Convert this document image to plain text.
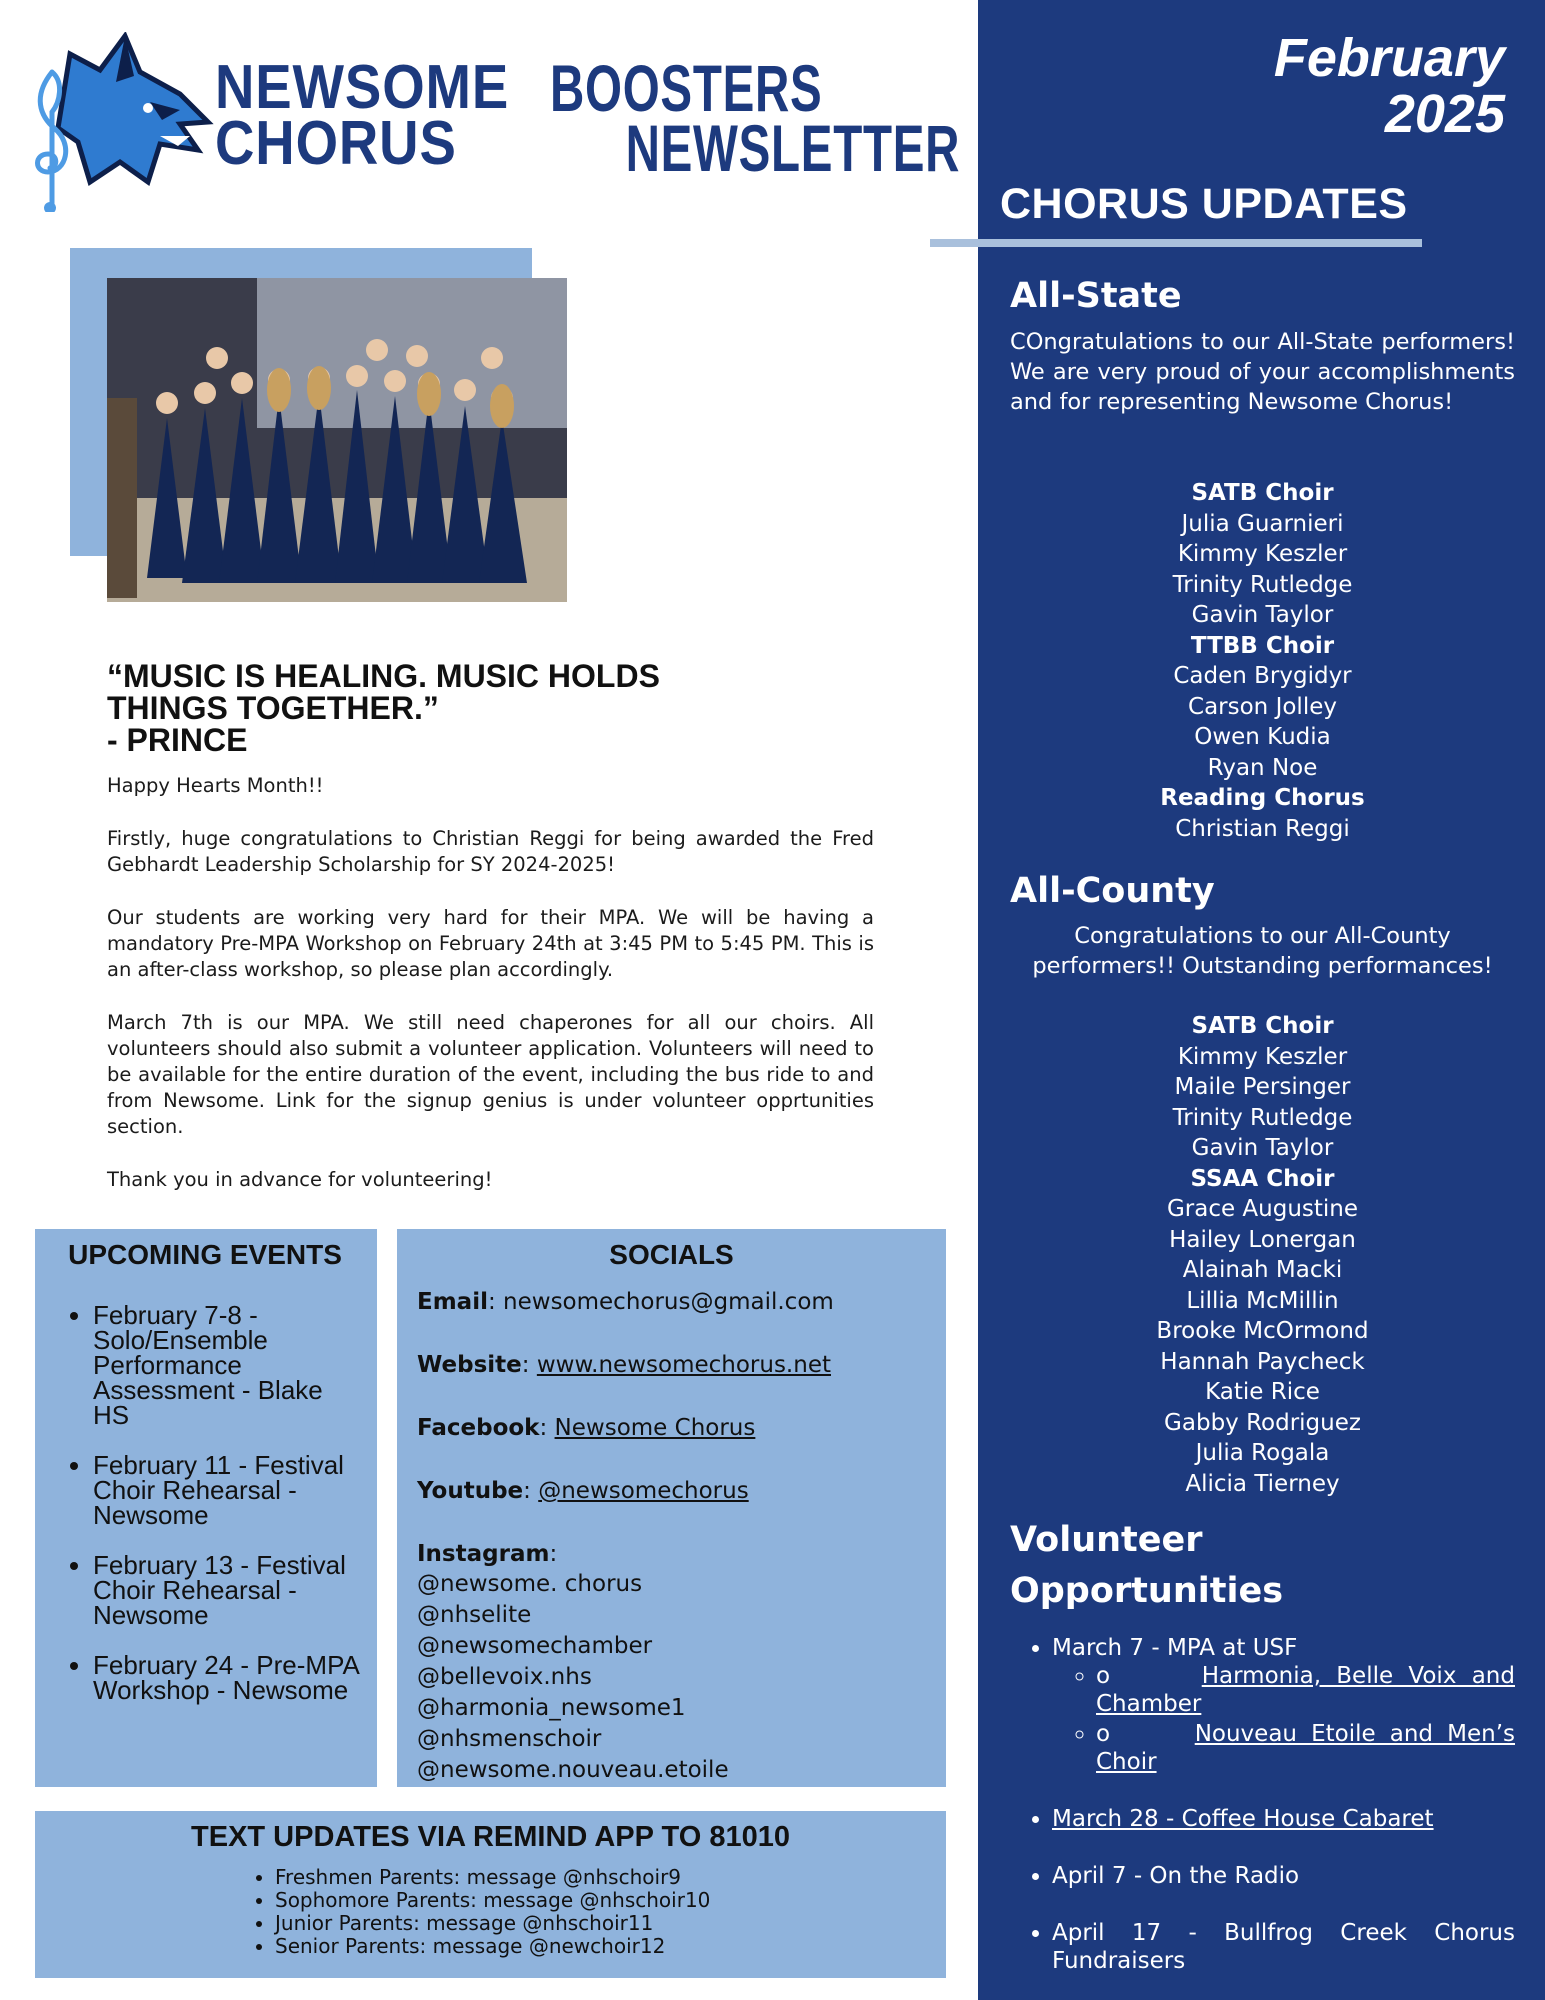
NEWSOME
CHORUS
BOOSTERS
NEWSLETTER
“MUSIC IS HEALING. MUSIC HOLDS
THINGS TOGETHER.”
- PRINCE

Happy Hearts Month!!

Firstly, huge congratulations to Christian Reggi for being awarded the Fred Gebhardt Leadership Scholarship for SY 2024-2025!

Our students are working very hard for their MPA. We will be having a mandatory Pre-MPA Workshop on February 24th at 3:45 PM to 5:45 PM. This is an after-class workshop, so please plan accordingly.

March 7th is our MPA. We still need chaperones for all our choirs. All volunteers should also submit a volunteer application. Volunteers will need to be available for the entire duration of the event, including the bus ride to and from Newsome. Link for the signup genius is under volunteer opprtunities section.

Thank you in advance for volunteering!

UPCOMING EVENTS
• February 7-8 - Solo/Ensemble Performance Assessment - Blake HS
• February 11 - Festival Choir Rehearsal - Newsome
• February 13 - Festival Choir Rehearsal - Newsome
• February 24 - Pre-MPA Workshop - Newsome
SOCIALS
Email: newsomechorus@gmail.com
Website: www.newsomechorus.net
Facebook: Newsome Chorus
Youtube: @newsomechorus
Instagram:
@newsome. chorus
@nhselite
@newsomechamber
@bellevoix.nhs
@harmonia_newsome1
@nhsmenschoir
@newsome.nouveau.etoile
TEXT UPDATES VIA REMIND APP TO 81010
• Freshmen Parents: message @nhschoir9
• Sophomore Parents: message @nhschoir10
• Junior Parents: message @nhschoir11
• Senior Parents: message @newchoir12
February
2025
CHORUS UPDATES
All-State
COngratulations to our All-State performers! We are very proud of your accomplishments and for representing Newsome Chorus!
SATB Choir
Julia Guarnieri
Kimmy Keszler
Trinity Rutledge
Gavin Taylor
TTBB Choir
Caden Brygidyr
Carson Jolley
Owen Kudia
Ryan Noe
Reading Chorus
Christian Reggi
All-County
Congratulations to our All-County performers!! Outstanding performances!
SATB Choir
Kimmy Keszler
Maile Persinger
Trinity Rutledge
Gavin Taylor
SSAA Choir
Grace Augustine
Hailey Lonergan
Alainah Macki
Lillia McMillin
Brooke McOrmond
Hannah Paycheck
Katie Rice
Gabby Rodriguez
Julia Rogala
Alicia Tierney
Volunteer
Opportunities
• March 7 - MPA at USF
◦ o	Harmonia, Belle Voix and Chamber
◦ o	Nouveau Etoile and Men’s Choir
• March 28 - Coffee House Cabaret
• April 7 - On the Radio
• April 17 - Bullfrog Creek Chorus Fundraisers
